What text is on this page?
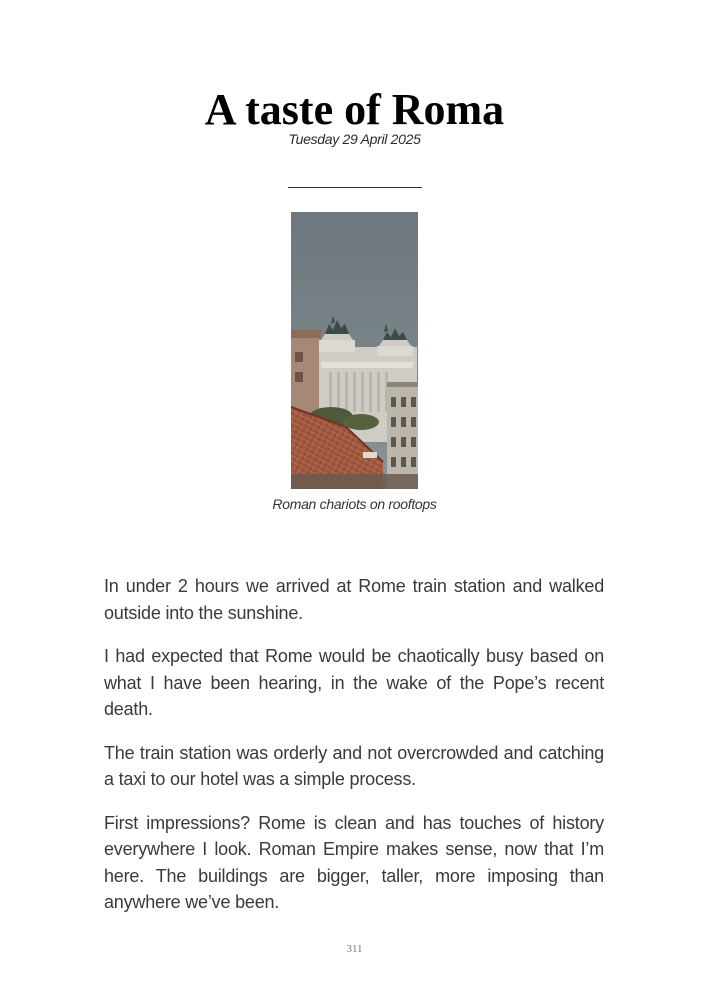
A taste of Roma
Tuesday 29 April 2025
Roman chariots on rooftops

In under 2 hours we arrived at Rome train station and walked outside into the sunshine.

I had expected that Rome would be chaotically busy based on what I have been hearing, in the wake of the Pope’s recent death.

The train station was orderly and not overcrowded and catching a taxi to our hotel was a simple process.

First impressions? Rome is clean and has touches of history everywhere I look. Roman Empire makes sense, now that I’m here. The buildings are bigger, taller, more imposing than anywhere we’ve been.

311
